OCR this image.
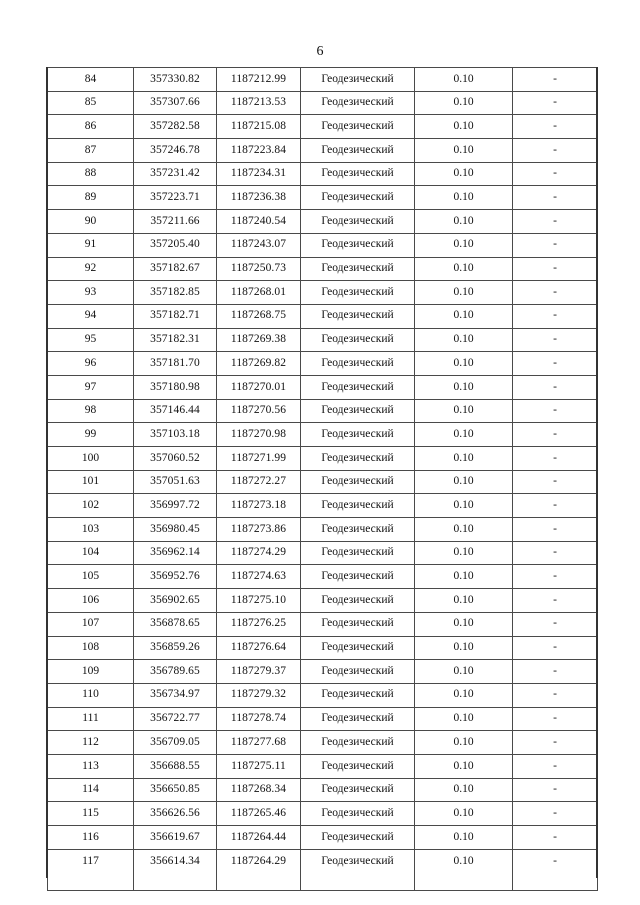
6
84	357330.82	1187212.99	Геодезический	0.10	-
85	357307.66	1187213.53	Геодезический	0.10	-
86	357282.58	1187215.08	Геодезический	0.10	-
87	357246.78	1187223.84	Геодезический	0.10	-
88	357231.42	1187234.31	Геодезический	0.10	-
89	357223.71	1187236.38	Геодезический	0.10	-
90	357211.66	1187240.54	Геодезический	0.10	-
91	357205.40	1187243.07	Геодезический	0.10	-
92	357182.67	1187250.73	Геодезический	0.10	-
93	357182.85	1187268.01	Геодезический	0.10	-
94	357182.71	1187268.75	Геодезический	0.10	-
95	357182.31	1187269.38	Геодезический	0.10	-
96	357181.70	1187269.82	Геодезический	0.10	-
97	357180.98	1187270.01	Геодезический	0.10	-
98	357146.44	1187270.56	Геодезический	0.10	-
99	357103.18	1187270.98	Геодезический	0.10	-
100	357060.52	1187271.99	Геодезический	0.10	-
101	357051.63	1187272.27	Геодезический	0.10	-
102	356997.72	1187273.18	Геодезический	0.10	-
103	356980.45	1187273.86	Геодезический	0.10	-
104	356962.14	1187274.29	Геодезический	0.10	-
105	356952.76	1187274.63	Геодезический	0.10	-
106	356902.65	1187275.10	Геодезический	0.10	-
107	356878.65	1187276.25	Геодезический	0.10	-
108	356859.26	1187276.64	Геодезический	0.10	-
109	356789.65	1187279.37	Геодезический	0.10	-
110	356734.97	1187279.32	Геодезический	0.10	-
111	356722.77	1187278.74	Геодезический	0.10	-
112	356709.05	1187277.68	Геодезический	0.10	-
113	356688.55	1187275.11	Геодезический	0.10	-
114	356650.85	1187268.34	Геодезический	0.10	-
115	356626.56	1187265.46	Геодезический	0.10	-
116	356619.67	1187264.44	Геодезический	0.10	-
117	356614.34	1187264.29	Геодезический	0.10	-
